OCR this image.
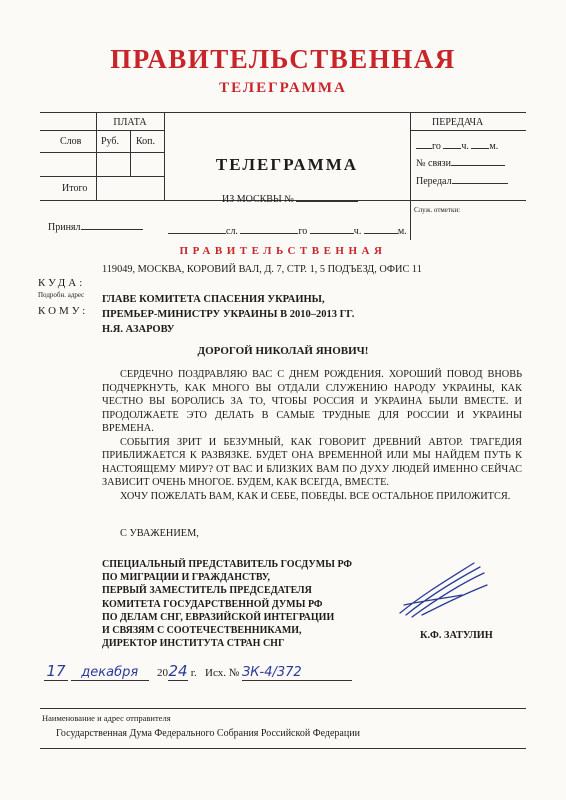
ПРАВИТЕЛЬСТВЕННАЯ
ТЕЛЕГРАММА
ПЛАТА
Слов Руб. Коп.
Итого
Принял
ТЕЛЕГРАММА
ИЗ МОСКВЫ №
сл.	го	ч.	м.
ПЕРЕДАЧА
го ч. м.
№ связи
Передал
Служ. отметки:
ПРАВИТЕЛЬСТВЕННАЯ
КУДА:
119049, МОСКВА, КОРОВИЙ ВАЛ, Д. 7, СТР. 1, 5 ПОДЪЕЗД, ОФИС 11
Подробн. адрес
КОМУ:
ГЛАВЕ КОМИТЕТА СПАСЕНИЯ УКРАИНЫ,
ПРЕМЬЕР-МИНИСТРУ УКРАИНЫ В 2010–2013 ГГ.
Н.Я. АЗАРОВУ
ДОРОГОЙ НИКОЛАЙ ЯНОВИЧ!

СЕРДЕЧНО ПОЗДРАВЛЯЮ ВАС С ДНЕМ РОЖДЕНИЯ. ХОРОШИЙ ПОВОД ВНОВЬ ПОДЧЕРКНУТЬ, КАК МНОГО ВЫ ОТДАЛИ СЛУЖЕНИЮ НАРОДУ УКРАИНЫ, КАК ЧЕСТНО ВЫ БОРОЛИСЬ ЗА ТО, ЧТОБЫ РОССИЯ И УКРАИНА БЫЛИ ВМЕСТЕ. И ПРОДОЛЖАЕТЕ ЭТО ДЕЛАТЬ В САМЫЕ ТРУДНЫЕ ДЛЯ РОССИИ И УКРАИНЫ ВРЕМЕНА.

СОБЫТИЯ ЗРИТ И БЕЗУМНЫЙ, КАК ГОВОРИТ ДРЕВНИЙ АВТОР. ТРАГЕДИЯ ПРИБЛИЖАЕТСЯ К РАЗВЯЗКЕ. БУДЕТ ОНА ВРЕМЕННОЙ ИЛИ МЫ НАЙДЕМ ПУТЬ К НАСТОЯЩЕМУ МИРУ? ОТ ВАС И БЛИЗКИХ ВАМ ПО ДУХУ ЛЮДЕЙ ИМЕННО СЕЙЧАС ЗАВИСИТ ОЧЕНЬ МНОГОЕ. БУДЕМ, КАК ВСЕГДА, ВМЕСТЕ.

ХОЧУ ПОЖЕЛАТЬ ВАМ, КАК И СЕБЕ, ПОБЕДЫ. ВСЕ ОСТАЛЬНОЕ ПРИЛОЖИТСЯ.

С УВАЖЕНИЕМ,
СПЕЦИАЛЬНЫЙ ПРЕДСТАВИТЕЛЬ ГОСДУМЫ РФ
ПО МИГРАЦИИ И ГРАЖДАНСТВУ,
ПЕРВЫЙ ЗАМЕСТИТЕЛЬ ПРЕДСЕДАТЕЛЯ
КОМИТЕТА ГОСУДАРСТВЕННОЙ ДУМЫ РФ
ПО ДЕЛАМ СНГ, ЕВРАЗИЙСКОЙ ИНТЕГРАЦИИ
И СВЯЗЯМ С СООТЕЧЕСТВЕННИКАМИ,
ДИРЕКТОР ИНСТИТУТА СТРАН СНГ
К.Ф. ЗАТУЛИН
17 декабря 2024 г. Исх. № ЗК-4/372
Наименование и адрес отправителя
Государственная Дума Федерального Собрания Российской Федерации
